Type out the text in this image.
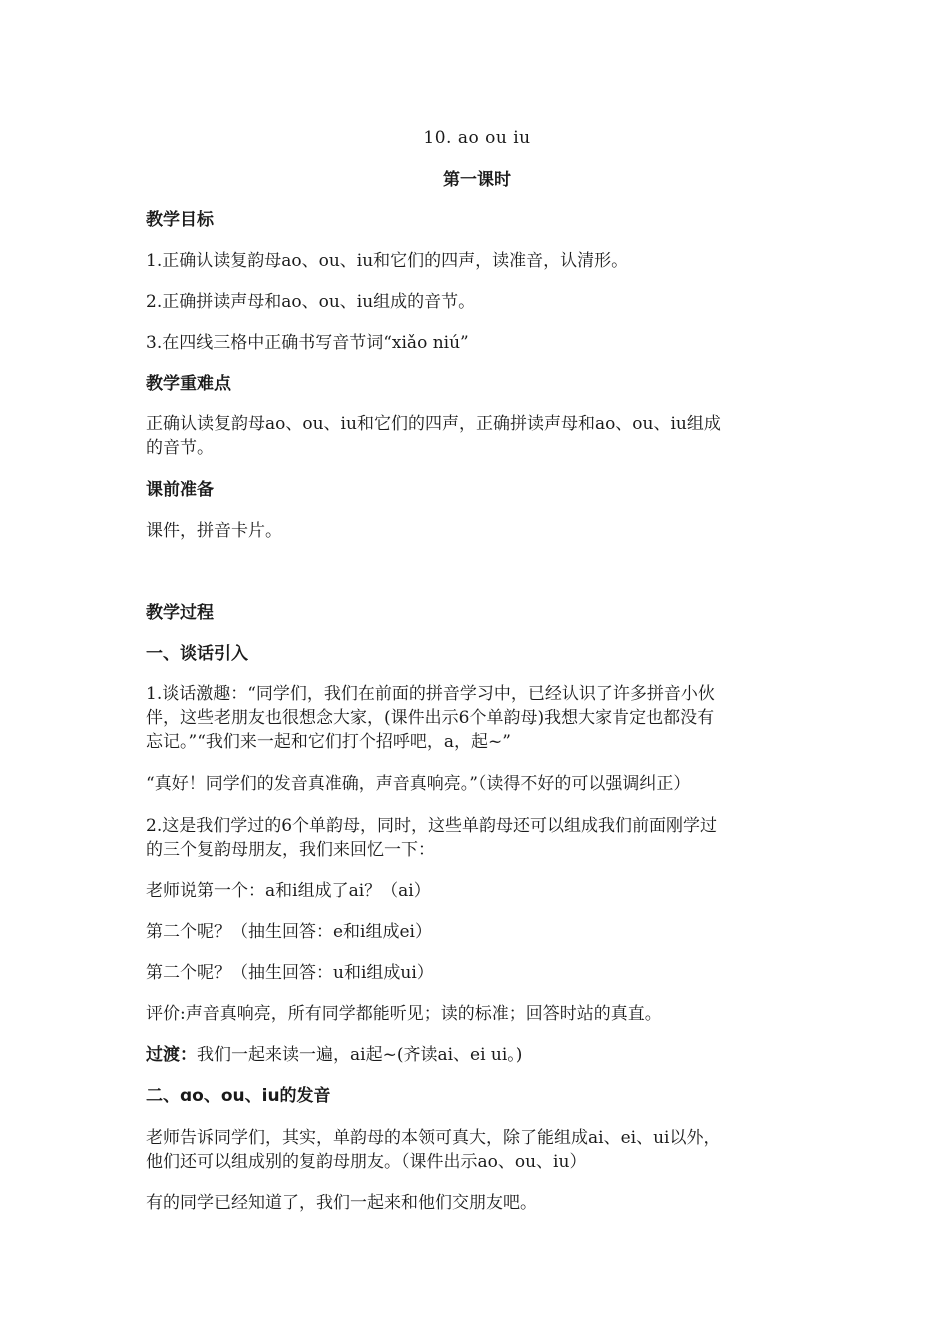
10. ao ou iu
第一课时
教学目标
1.正确认读复韵母ao、ou、iu和它们的四声，读准音，认清形。
2.正确拼读声母和ao、ou、iu组成的音节。
3.在四线三格中正确书写音节词“xiǎo niú”
教学重难点
正确认读复韵母ao、ou、iu和它们的四声，正确拼读声母和ao、ou、iu组成
的音节。
课前准备
课件，拼音卡片。
教学过程
一、谈话引入
1.谈话激趣：“同学们，我们在前面的拼音学习中，已经认识了许多拼音小伙
伴，这些老朋友也很想念大家，(课件出示6个单韵母)我想大家肯定也都没有
忘记。”“我们来一起和它们打个招呼吧，a，起~”
“真好！同学们的发音真准确，声音真响亮。”（读得不好的可以强调纠正）
2.这是我们学过的6个单韵母，同时，这些单韵母还可以组成我们前面刚学过
的三个复韵母朋友，我们来回忆一下：
老师说第一个：a和i组成了ai？（ai）
第二个呢？（抽生回答：e和i组成ei）
第二个呢？（抽生回答：u和i组成ui）
评价:声音真响亮，所有同学都能听见；读的标准；回答时站的真直。
过渡：我们一起来读一遍，ai起~(齐读ai、ei ui。)
二、ɑo、ou、iu的发音
老师告诉同学们，其实，单韵母的本领可真大，除了能组成ai、ei、ui以外，
他们还可以组成别的复韵母朋友。（课件出示ao、ou、iu）
有的同学已经知道了，我们一起来和他们交朋友吧。
